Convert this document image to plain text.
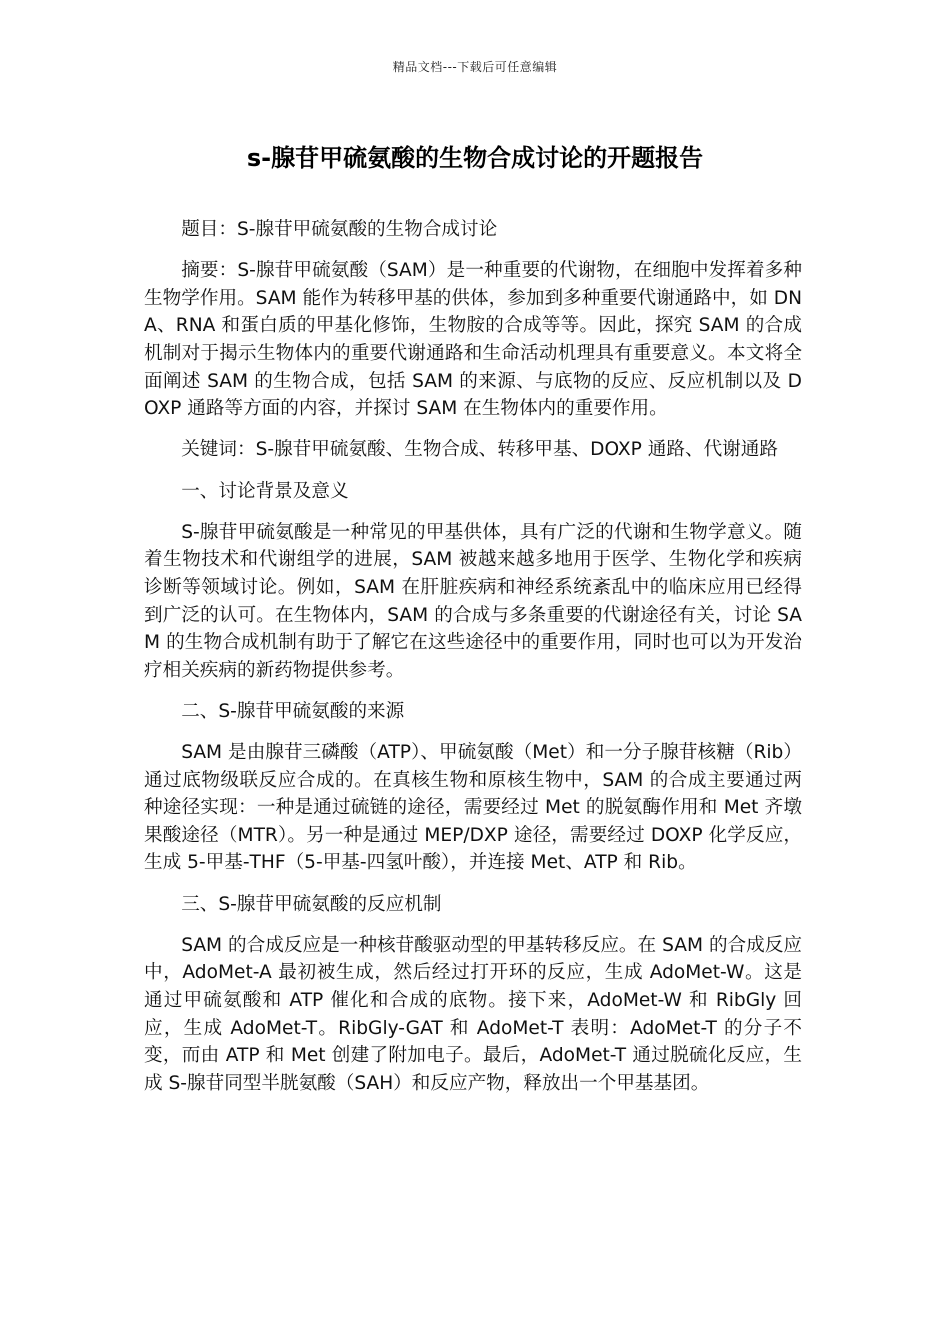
精品文档---下载后可任意编辑
s-腺苷甲硫氨酸的生物合成讨论的开题报告

题目：S-腺苷甲硫氨酸的生物合成讨论

摘要：S-腺苷甲硫氨酸（SAM）是一种重要的代谢物，在细胞中发挥着多种生物学作用。SAM 能作为转移甲基的供体，参加到多种重要代谢通路中，如 DNA、RNA 和蛋白质的甲基化修饰，生物胺的合成等等。因此，探究 SAM 的合成机制对于揭示生物体内的重要代谢通路和生命活动机理具有重要意义。本文将全面阐述 SAM 的生物合成，包括 SAM 的来源、与底物的反应、反应机制以及 DOXP 通路等方面的内容，并探讨 SAM 在生物体内的重要作用。

关键词：S-腺苷甲硫氨酸、生物合成、转移甲基、DOXP 通路、代谢通路

一、讨论背景及意义

S-腺苷甲硫氨酸是一种常见的甲基供体，具有广泛的代谢和生物学意义。随着生物技术和代谢组学的进展，SAM 被越来越多地用于医学、生物化学和疾病诊断等领域讨论。例如，SAM 在肝脏疾病和神经系统紊乱中的临床应用已经得到广泛的认可。在生物体内，SAM 的合成与多条重要的代谢途径有关，讨论 SAM 的生物合成机制有助于了解它在这些途径中的重要作用，同时也可以为开发治疗相关疾病的新药物提供参考。

二、S-腺苷甲硫氨酸的来源

SAM 是由腺苷三磷酸（ATP）、甲硫氨酸（Met）和一分子腺苷核糖（Rib）通过底物级联反应合成的。在真核生物和原核生物中，SAM 的合成主要通过两种途径实现：一种是通过硫链的途径，需要经过 Met 的脱氨酶作用和 Met 齐墩果酸途径（MTR）。另一种是通过 MEP/DXP 途径，需要经过 DOXP 化学反应，生成 5-甲基-THF（5-甲基-四氢叶酸），并连接 Met、ATP 和 Rib。

三、S-腺苷甲硫氨酸的反应机制

SAM 的合成反应是一种核苷酸驱动型的甲基转移反应。在 SAM 的合成反应中，AdoMet-A 最初被生成，然后经过打开环的反应，生成 AdoMet-W。这是通过甲硫氨酸和 ATP 催化和合成的底物。接下来，AdoMet-W 和 RibGly 回应，生成 AdoMet-T。RibGly-GAT 和 AdoMet-T 表明：AdoMet-T 的分子不变，而由 ATP 和 Met 创建了附加电子。最后，AdoMet-T 通过脱硫化反应，生成 S-腺苷同型半胱氨酸（SAH）和反应产物，释放出一个甲基基团。
